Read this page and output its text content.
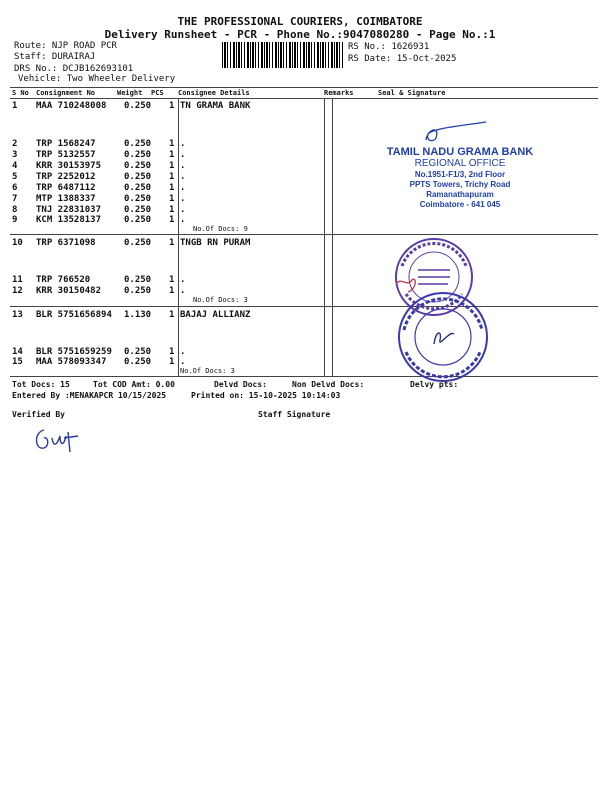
THE PROFESSIONAL COURIERS, COIMBATORE
Delivery Runsheet - PCR - Phone No.:9047080280 - Page No.:1
Route: NJP ROAD PCR
Staff: DURAIRAJ
DRS No.: DCJB162693101
Vehicle: Two Wheeler Delivery
RS No.: 1626931
RS Date: 15-Oct-2025
S No Consignment No	Weight PCS Consignee Details	Remarks	Seal & Signature
1 MAA 710248008 0.250 1 TN GRAMA BANK
2 TRP 1568247	0.250 1 .
3 TRP 5132557	0.250 1 .
4 KRR 30153975	0.250 1 .
5 TRP 2252012	0.250 1 .
6 TRP 6487112	0.250 1 .
7 MTP 1388337	0.250 1 .
8 TNJ 22831037	0.250 1 .
9 KCM 13528137	0.250 1 .
No.Of Docs: 9
10 TRP 6371098	0.250 1 TNGB RN PURAM
11 TRP 766520	0.250 1 .
12 KRR 30150482	0.250 1 .
No.Of Docs: 3
13 BLR 5751656894 1.130 1 BAJAJ ALLIANZ
14 BLR 5751659259 0.250 1 .
15 MAA 578093347 0.250 1 .
No.Of Docs: 3
TAMIL NADU GRAMA BANK
REGIONAL OFFICE
No.1951-F1/3, 2nd Floor
PPTS Towers, Trichy Road
Ramanathapuram
Coimbatore - 641 045
Tot Docs: 15	Tot COD Amt: 0.00	Delvd Docs:	Non Delvd Docs:	Delvy pts:
Entered By :MENAKAPCR 10/15/2025	Printed on: 15-10-2025 10:14:03
Verified By	Staff Signature
